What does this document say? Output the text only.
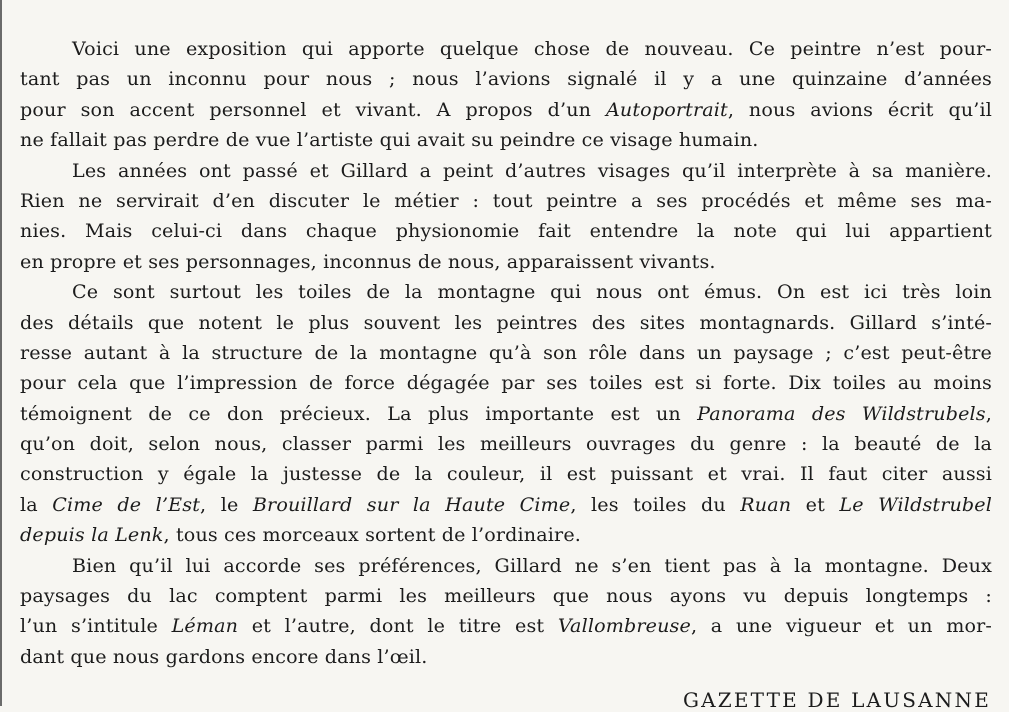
Voici une exposition qui apporte quelque chose de nouveau. Ce peintre n’est pour-
tant pas un inconnu pour nous ; nous l’avions signalé il y a une quinzaine d’années
pour son accent personnel et vivant. A propos d’un Autoportrait, nous avions écrit qu’il
ne fallait pas perdre de vue l’artiste qui avait su peindre ce visage humain.
Les années ont passé et Gillard a peint d’autres visages qu’il interprète à sa manière.
Rien ne servirait d’en discuter le métier : tout peintre a ses procédés et même ses ma-
nies. Mais celui-ci dans chaque physionomie fait entendre la note qui lui appartient
en propre et ses personnages, inconnus de nous, apparaissent vivants.
Ce sont surtout les toiles de la montagne qui nous ont émus. On est ici très loin
des détails que notent le plus souvent les peintres des sites montagnards. Gillard s’inté-
resse autant à la structure de la montagne qu’à son rôle dans un paysage ; c’est peut-être
pour cela que l’impression de force dégagée par ses toiles est si forte. Dix toiles au moins
témoignent de ce don précieux. La plus importante est un Panorama des Wildstrubels,
qu’on doit, selon nous, classer parmi les meilleurs ouvrages du genre : la beauté de la
construction y égale la justesse de la couleur, il est puissant et vrai. Il faut citer aussi
la Cime de l’Est, le Brouillard sur la Haute Cime, les toiles du Ruan et Le Wildstrubel
depuis la Lenk, tous ces morceaux sortent de l’ordinaire.
Bien qu’il lui accorde ses préférences, Gillard ne s’en tient pas à la montagne. Deux
paysages du lac comptent parmi les meilleurs que nous ayons vu depuis longtemps :
l’un s’intitule Léman et l’autre, dont le titre est Vallombreuse, a une vigueur et un mor-
dant que nous gardons encore dans l’œil.
GAZETTE DE LAUSANNE
